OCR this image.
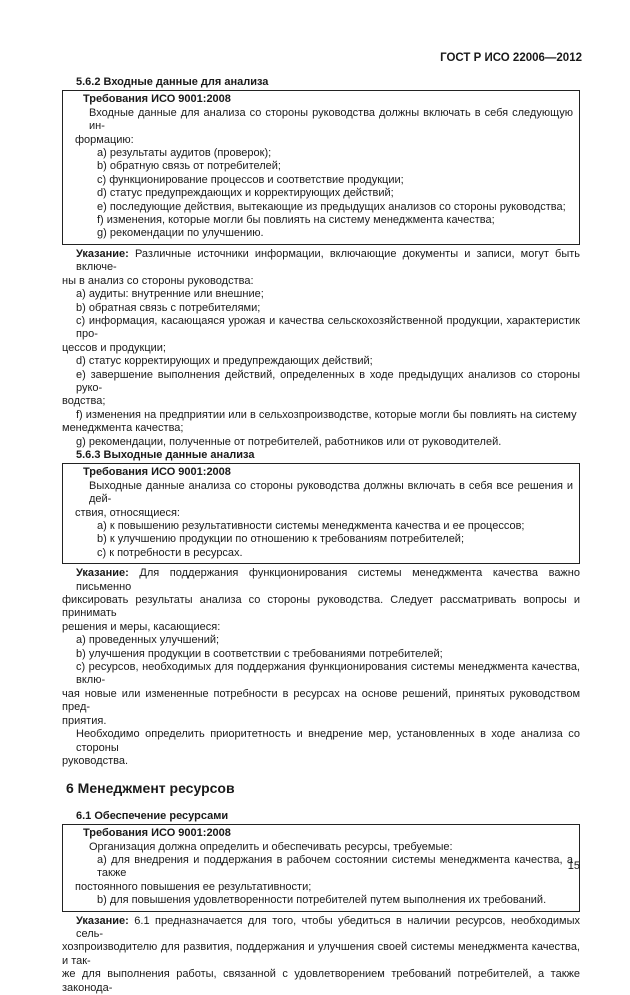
ГОСТ Р ИСО 22006—2012

5.6.2 Входные данные для анализа

Требования ИСО 9001:2008

Входные данные для анализа со стороны руководства должны включать в себя следующую ин-

формацию:

a) результаты аудитов (проверок);

b) обратную связь от потребителей;

c) функционирование процессов и соответствие продукции;

d) статус предупреждающих и корректирующих действий;

e) последующие действия, вытекающие из предыдущих анализов со стороны руководства;

f) изменения, которые могли бы повлиять на систему менеджмента качества;

g) рекомендации по улучшению.

Указание: Различные источники информации, включающие документы и записи, могут быть включе-

ны в анализ со стороны руководства:

a) аудиты: внутренние или внешние;

b) обратная связь с потребителями;

c) информация, касающаяся урожая и качества сельскохозяйственной продукции, характеристик про-

цессов и продукции;

d) статус корректирующих и предупреждающих действий;

e) завершение выполнения действий, определенных в ходе предыдущих анализов со стороны руко-

водства;

f) изменения на предприятии или в сельхозпроизводстве, которые могли бы повлиять на систему

менеджмента качества;

g) рекомендации, полученные от потребителей, работников или от руководителей.

5.6.3 Выходные данные анализа

Требования ИСО 9001:2008

Выходные данные анализа со стороны руководства должны включать в себя все решения и дей-

ствия, относящиеся:

a) к повышению результативности системы менеджмента качества и ее процессов;

b) к улучшению продукции по отношению к требованиям потребителей;

c) к потребности в ресурсах.

Указание: Для поддержания функционирования системы менеджмента качества важно письменно

фиксировать результаты анализа со стороны руководства. Следует рассматривать вопросы и принимать

решения и меры, касающиеся:

a) проведенных улучшений;

b) улучшения продукции в соответствии с требованиями потребителей;

c) ресурсов, необходимых для поддержания функционирования системы менеджмента качества, вклю-

чая новые или измененные потребности в ресурсах на основе решений, принятых руководством пред-

приятия.

Необходимо определить приоритетность и внедрение мер, установленных в ходе анализа со стороны

руководства.

6 Менеджмент ресурсов

6.1 Обеспечение ресурсами

Требования ИСО 9001:2008

Организация должна определить и обеспечивать ресурсы, требуемые:

a) для внедрения и поддержания в рабочем состоянии системы менеджмента качества, а также

постоянного повышения ее результативности;

b) для повышения удовлетворенности потребителей путем выполнения их требований.

Указание: 6.1 предназначается для того, чтобы убедиться в наличии ресурсов, необходимых сель-

хозпроизводителю для развития, поддержания и улучшения своей системы менеджмента качества, и так-

же для выполнения работы, связанной с удовлетворением требований потребителей, а также законода-

15
